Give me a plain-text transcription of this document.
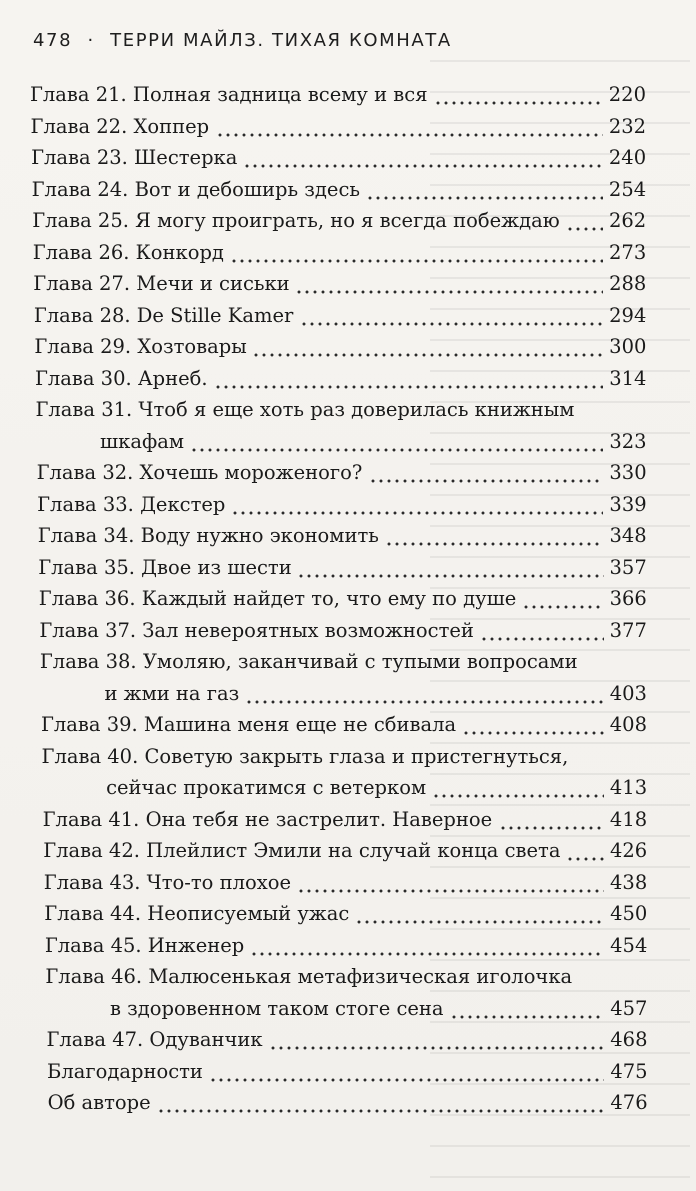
478 · ТЕРРИ МАЙЛЗ. ТИХАЯ КОМНАТА
Глава 21. Полная задница всему и вся	220
Глава 22. Хоппер	232
Глава 23. Шестерка	240
Глава 24. Вот и дебоширь здесь	254
Глава 25. Я могу проиграть, но я всегда побеждаю	262
Глава 26. Конкорд	273
Глава 27. Мечи и сиськи	288
Глава 28. De Stille Kamer	294
Глава 29. Хозтовары	300
Глава 30. Арнеб.	314
Глава 31. Чтоб я еще хоть раз доверилась книжным
шкафам	323
Глава 32. Хочешь мороженого?	330
Глава 33. Декстер	339
Глава 34. Воду нужно экономить	348
Глава 35. Двое из шести	357
Глава 36. Каждый найдет то, что ему по душе	366
Глава 37. Зал невероятных возможностей	377
Глава 38. Умоляю, заканчивай с тупыми вопросами
и жми на газ	403
Глава 39. Машина меня еще не сбивала	408
Глава 40. Советую закрыть глаза и пристегнуться,
сейчас прокатимся с ветерком	413
Глава 41. Она тебя не застрелит. Наверное	418
Глава 42. Плейлист Эмили на случай конца света	426
Глава 43. Что-то плохое	438
Глава 44. Неописуемый ужас	450
Глава 45. Инженер	454
Глава 46. Малюсенькая метафизическая иголочка
в здоровенном таком стоге сена	457
Глава 47. Одуванчик	468
Благодарности	475
Об авторе	476
